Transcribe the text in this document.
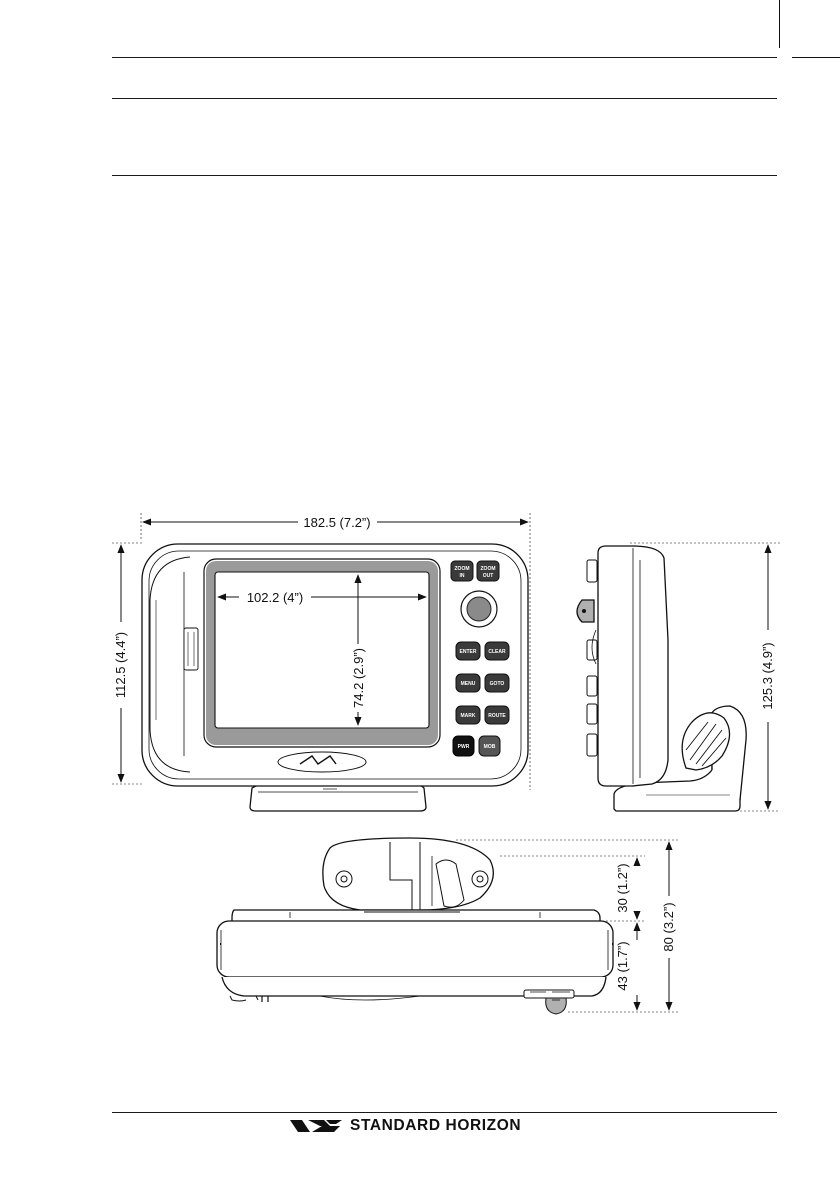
ZOOM
IN
ZOOM
OUT
ENTER CLEAR
MENU	GOTO
MARK	ROUTE
PWR	MOB
182.5 (7.2”)
112.5 (4.4”)
102.2 (4”)
74.2 (2.9”)	125.3 (4.9”)
30 (1.2”)
43 (1.7”)
80 (3.2”)
STANDARD HORIZON
